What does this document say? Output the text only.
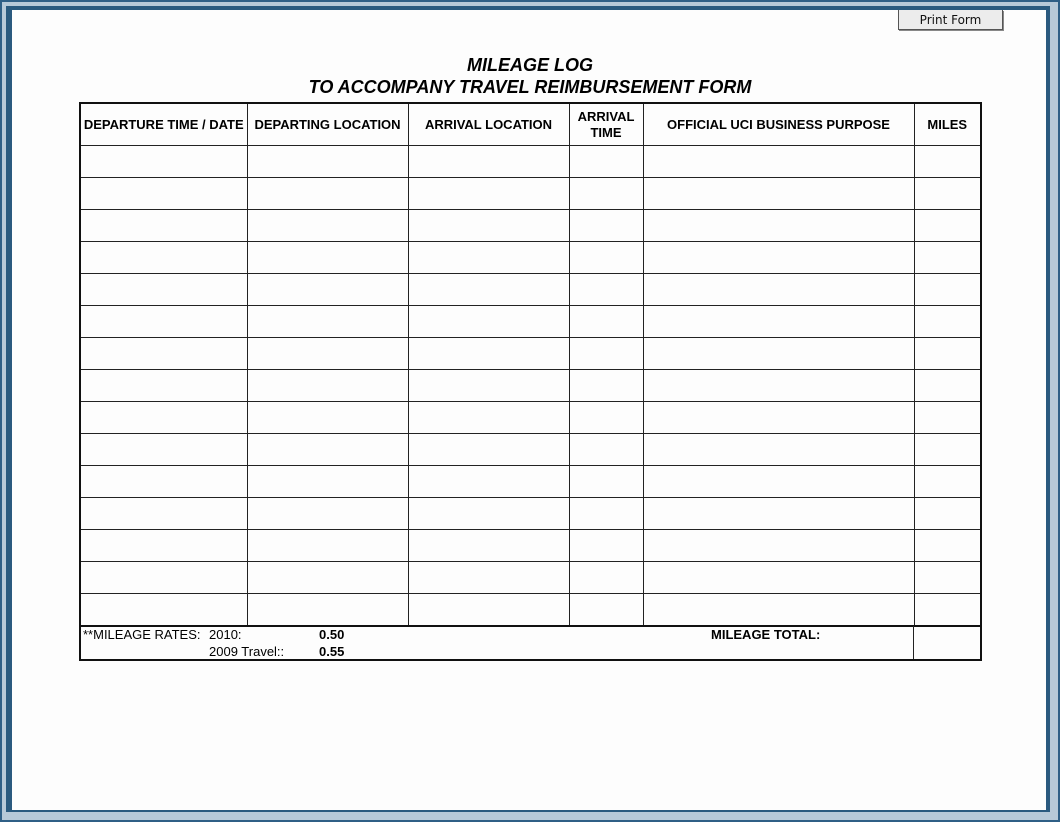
Print Form
MILEAGE LOG
TO ACCOMPANY TRAVEL REIMBURSEMENT FORM
DEPARTURE TIME / DATE	DEPARTING LOCATION	ARRIVAL LOCATION	ARRIVAL TIME	OFFICIAL UCI BUSINESS PURPOSE	MILES

**MILEAGE RATES: 2010:	0.50
2009 Travel::	0.55
MILEAGE TOTAL:
